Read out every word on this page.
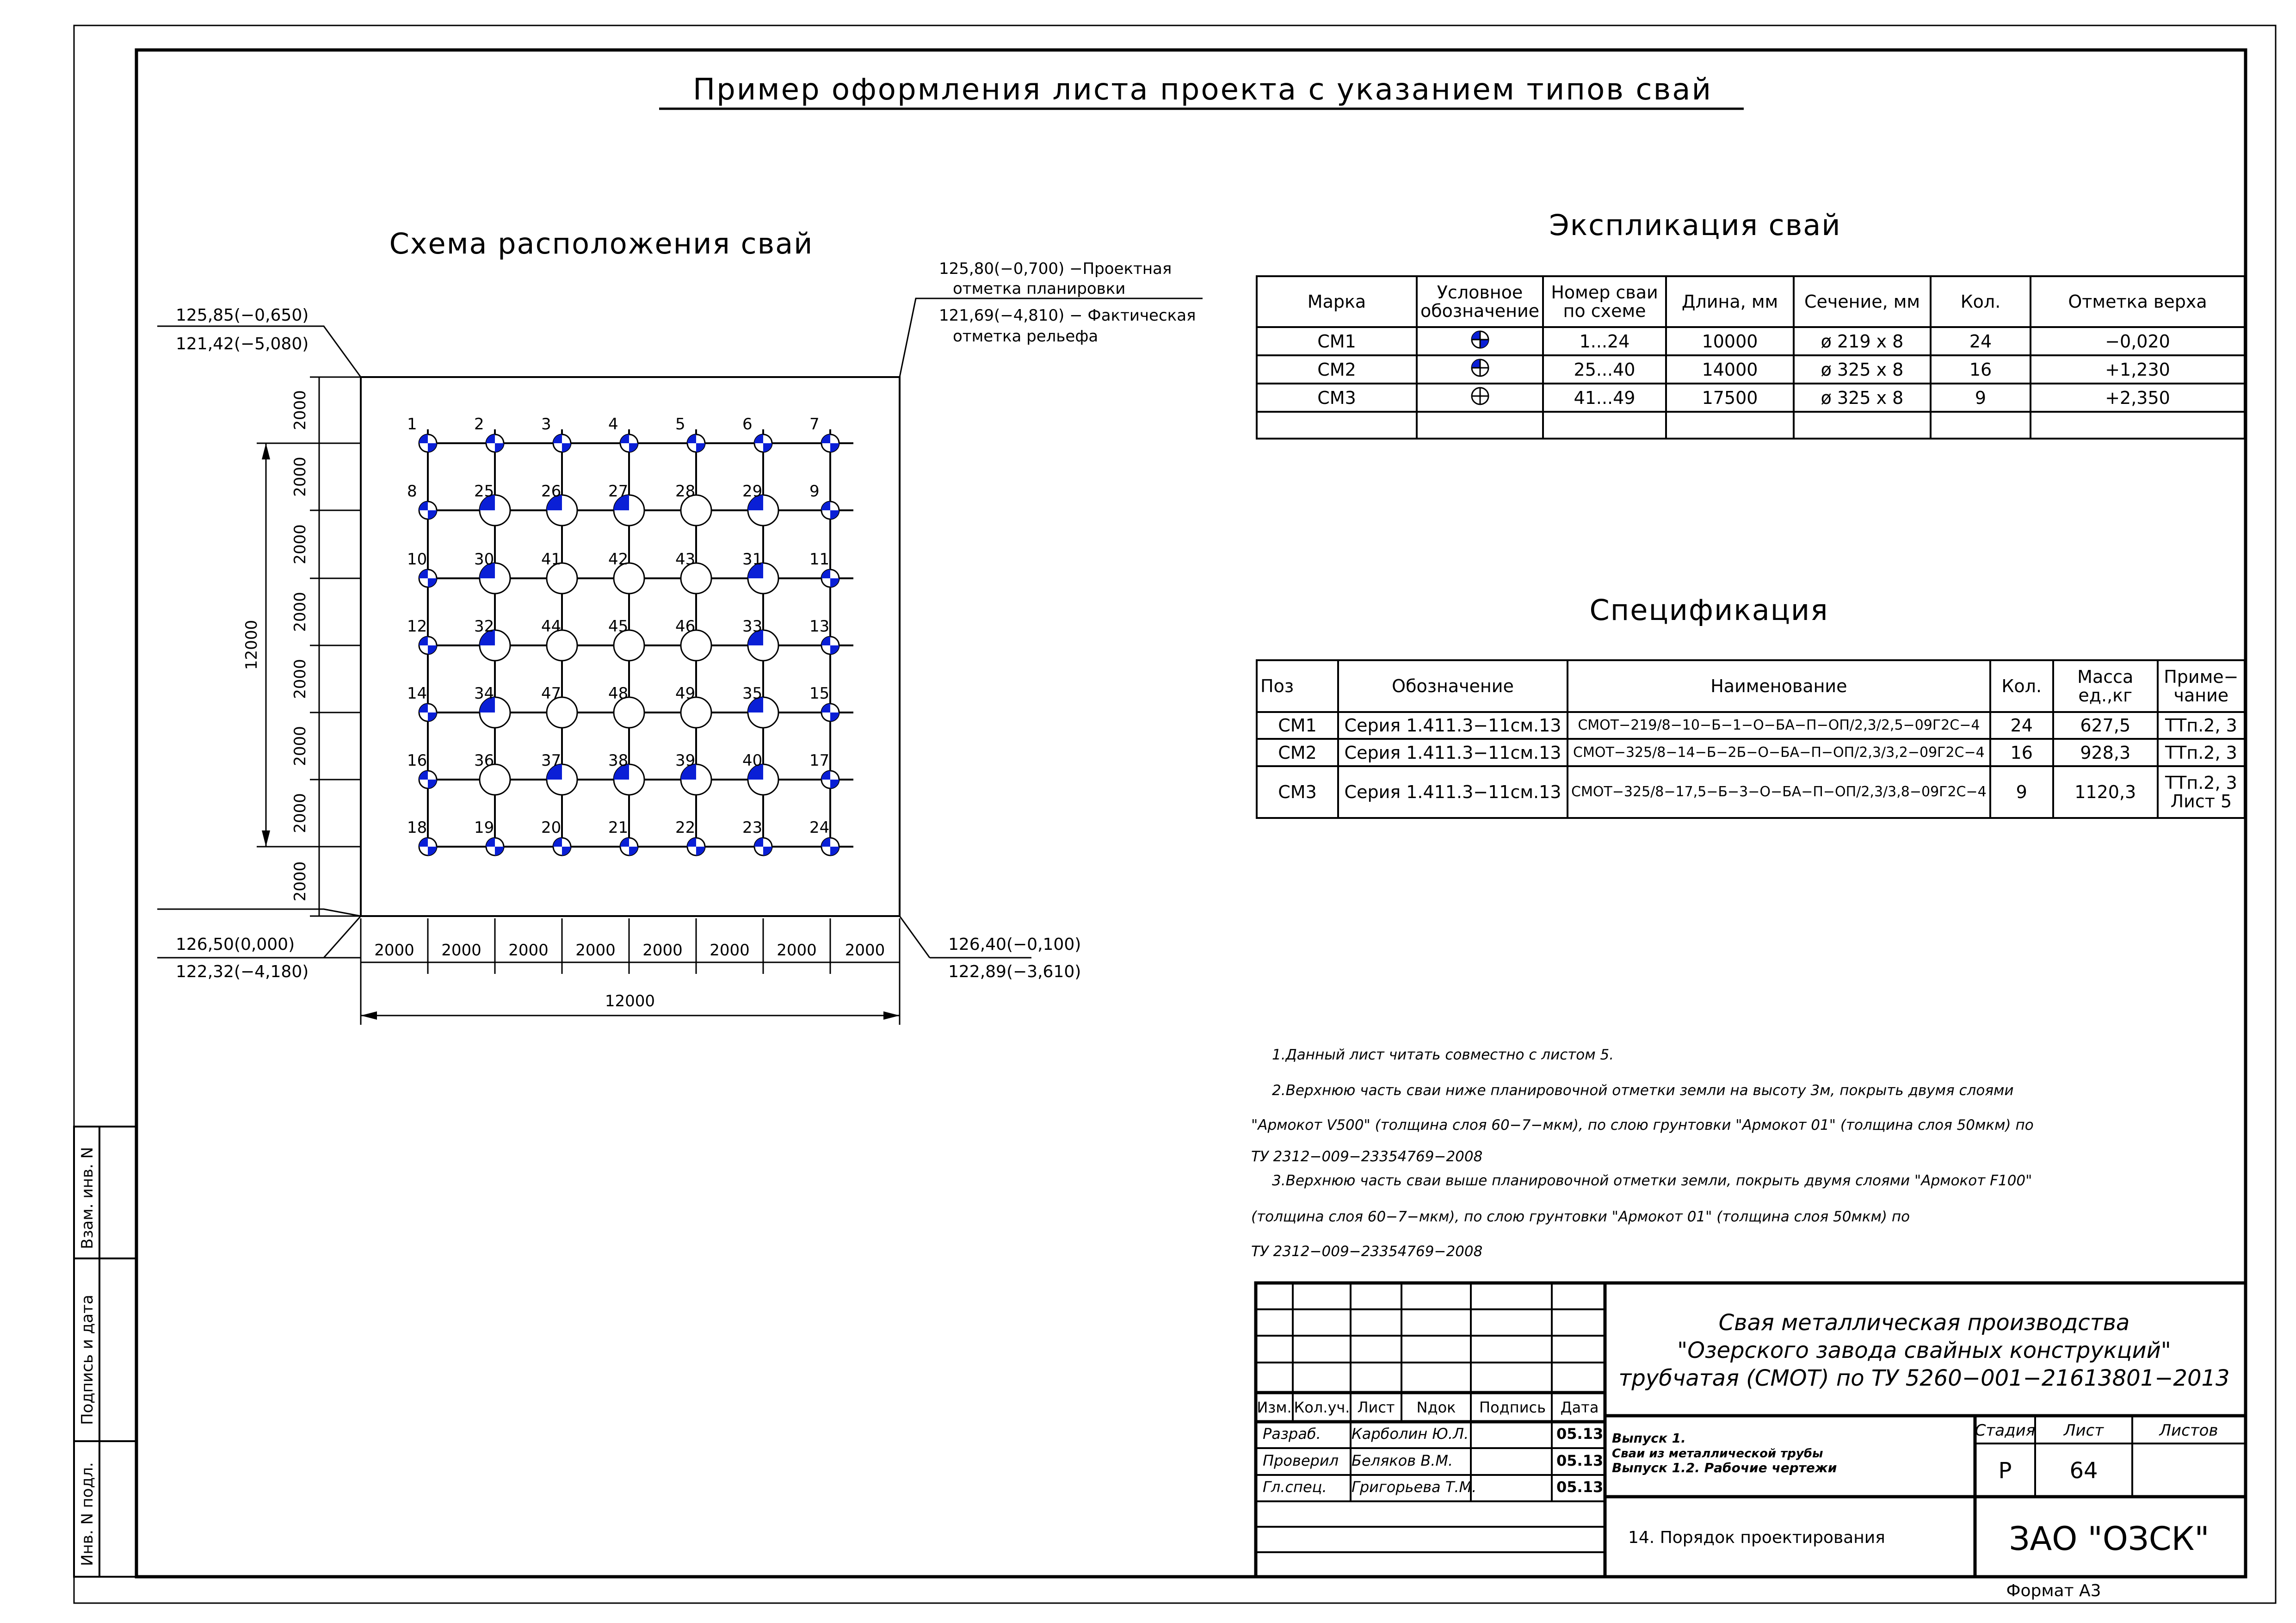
Пример оформления листа проекта с указанием типов свай
Схема расположения свай
2000 2000 2000 2000 2000 2000 2000 2000
12000
2000
2000
2000
2000
2000
2000
2000
2000
12000
1	2	3	4	5	6	7
8	25	26	27	28	29	9
10	30	41	42	43	31	11
12	32	44	45	46	33	13
14	34	47	48	49	35	15
16	36	37	38	39	40	17
18	19	20	21	22	23	24
125,85(−0,650)
121,42(−5,080)
125,80(−0,700) −Проектная
отметка планировки
121,69(−4,810) − Фактическая
отметка рельефа
126,50(0,000)
122,32(−4,180)
126,40(−0,100)
122,89(−3,610)
Экспликация свай
Спецификация
1.Данный лист читать совместно с листом 5.
2.Верхнюю часть сваи ниже планировочной отметки земли на высоту 3м, покрыть двумя слоями
"Армокот V500" (толщина слоя 60−7−мкм), по слою грунтовки "Армокот 01" (толщина слоя 50мкм) по
ТУ 2312−009−23354769−2008
3.Верхнюю часть сваи выше планировочной отметки земли, покрыть двумя слоями "Армокот F100"
(толщина слоя 60−7−мкм), по слою грунтовки "Армокот 01" (толщина слоя 50мкм) по
ТУ 2312−009−23354769−2008
Взам. инв. N
Подпись и дата
Инв. N подл.
Свая металлическая производства
"Озерского завода свайных конструкций"
трубчатая (СМОТ) по ТУ 5260−001−21613801−2013
Изм. Кол.уч. Лист Nдок Подпись Дата
Разраб. Карболин Ю.Л.	05.13
Проверил Беляков В.М.	05.13
Гл.спец. Григорьева Т.М.	05.13
Выпуск 1.
Сваи из металлической трубы
Выпуск 1.2. Рабочие чертежи
Стадия Лист	Листов
Р	64
14. Порядок проектирования	ЗАО "ОЗСК"
Формат А3
Марка	Условное обозначение	Номер сваи по схеме	Длина, мм	Сечение, мм	Кол.	Отметка верха
СМ1		1...24	10000	ø 219 x 8	24	−0,020
СМ2		25...40	14000	ø 325 x 8	16	+1,230
СМ3		41...49	17500	ø 325 x 8	9	+2,350

Поз	Обозначение	Наименование	Кол.	Масса ед.,кг	Приме− чание
СМ1	Серия 1.411.3−11см.13	СМОТ−219/8−10−Б−1−О−БА−П−ОП/2,3/2,5−09Г2С−4	24	627,5	ТТп.2, 3
СМ2	Серия 1.411.3−11см.13	СМОТ−325/8−14−Б−2Б−О−БА−П−ОП/2,3/3,2−09Г2С−4	16	928,3	ТТп.2, 3
СМ3	Серия 1.411.3−11см.13	СМОТ−325/8−17,5−Б−3−О−БА−П−ОП/2,3/3,8−09Г2С−4	9	1120,3	ТТп.2, 3 Лист 5
